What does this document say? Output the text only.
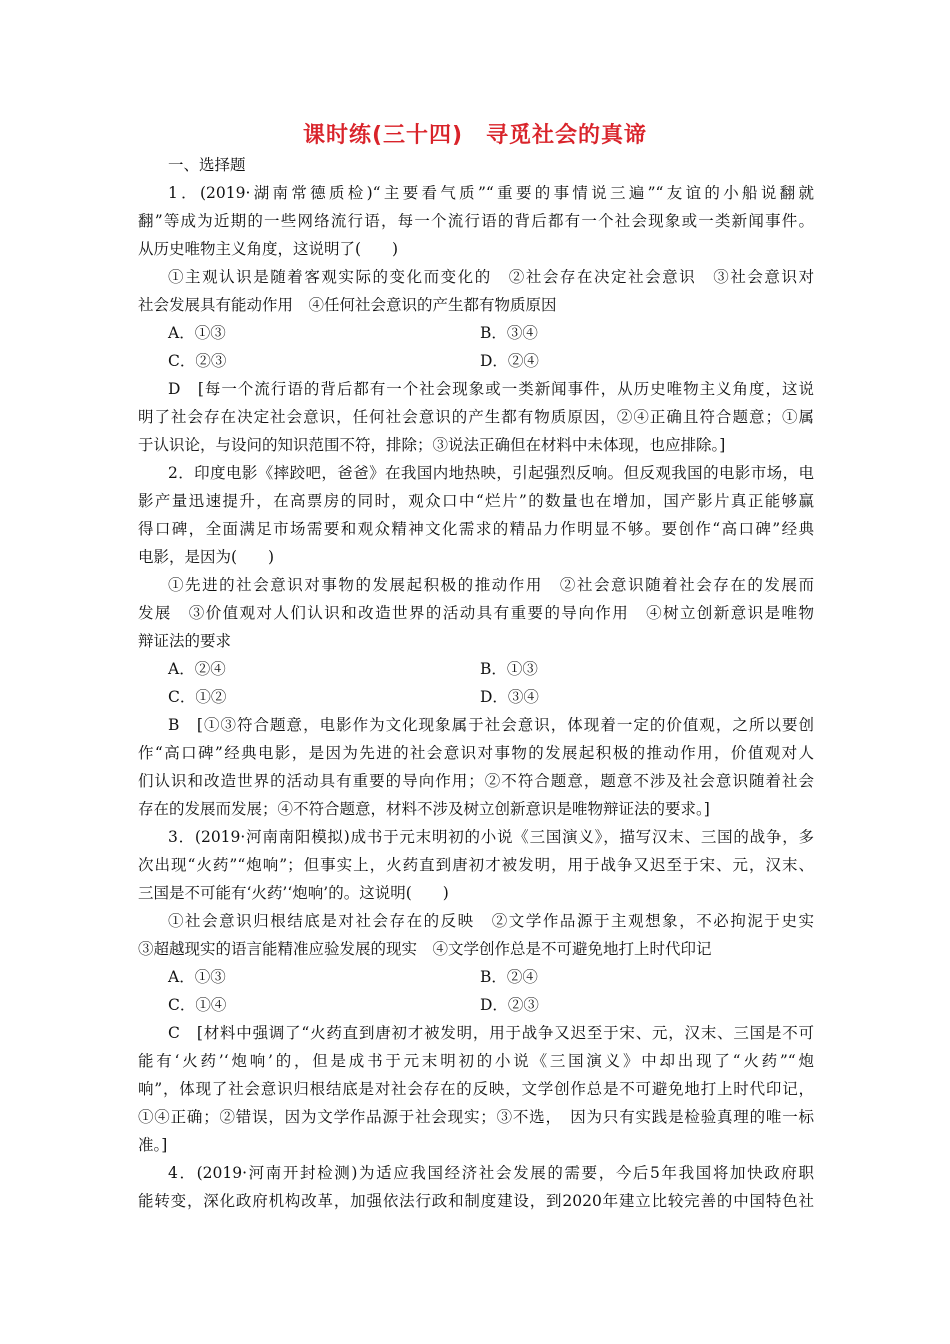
课时练(三十四)　寻觅社会的真谛
一、选择题
1．(2019·湖南常德质检)“主要看气质”“重要的事情说三遍”“友谊的小船说翻就
翻”等成为近期的一些网络流行语，每一个流行语的背后都有一个社会现象或一类新闻事件。
从历史唯物主义角度，这说明了(　　)
①主观认识是随着客观实际的变化而变化的　②社会存在决定社会意识　③社会意识对
社会发展具有能动作用　④任何社会意识的产生都有物质原因
A．①③	B．③④
C．②③	D．②④
D　[每一个流行语的背后都有一个社会现象或一类新闻事件，从历史唯物主义角度，这说
明了社会存在决定社会意识，任何社会意识的产生都有物质原因，②④正确且符合题意；①属
于认识论，与设问的知识范围不符，排除；③说法正确但在材料中未体现，也应排除。]
2．印度电影《摔跤吧，爸爸》在我国内地热映，引起强烈反响。但反观我国的电影市场，电
影产量迅速提升，在高票房的同时，观众口中“烂片”的数量也在增加，国产影片真正能够赢
得口碑，全面满足市场需要和观众精神文化需求的精品力作明显不够。要创作“高口碑”经典
电影，是因为(　　)
①先进的社会意识对事物的发展起积极的推动作用　②社会意识随着社会存在的发展而
发展　③价值观对人们认识和改造世界的活动具有重要的导向作用　④树立创新意识是唯物
辩证法的要求
A．②④	B．①③
C．①②	D．③④
B　[①③符合题意，电影作为文化现象属于社会意识，体现着一定的价值观，之所以要创
作“高口碑”经典电影，是因为先进的社会意识对事物的发展起积极的推动作用，价值观对人
们认识和改造世界的活动具有重要的导向作用；②不符合题意，题意不涉及社会意识随着社会
存在的发展而发展；④不符合题意，材料不涉及树立创新意识是唯物辩证法的要求。]
3．(2019·河南南阳模拟)成书于元末明初的小说《三国演义》，描写汉末、三国的战争，多
次出现“火药”“炮响”；但事实上，火药直到唐初才被发明，用于战争又迟至于宋、元，汉末、
三国是不可能有‘火药’‘炮响’的。这说明(　　)
①社会意识归根结底是对社会存在的反映　②文学作品源于主观想象，不必拘泥于史实
③超越现实的语言能精准应验发展的现实　④文学创作总是不可避免地打上时代印记
A．①③	B．②④
C．①④	D．②③
C　[材料中强调了“火药直到唐初才被发明，用于战争又迟至于宋、元，汉末、三国是不可
能有‘火药’‘炮响’的，但是成书于元末明初的小说《三国演义》中却出现了“火药”“炮
响”，体现了社会意识归根结底是对社会存在的反映，文学创作总是不可避免地打上时代印记，
①④正确；②错误，因为文学作品源于社会现实；③不选，　因为只有实践是检验真理的唯一标
准。]
4．(2019·河南开封检测)为适应我国经济社会发展的需要，今后5年我国将加快政府职
能转变，深化政府机构改革，加强依法行政和制度建设，到2020年建立比较完善的中国特色社
